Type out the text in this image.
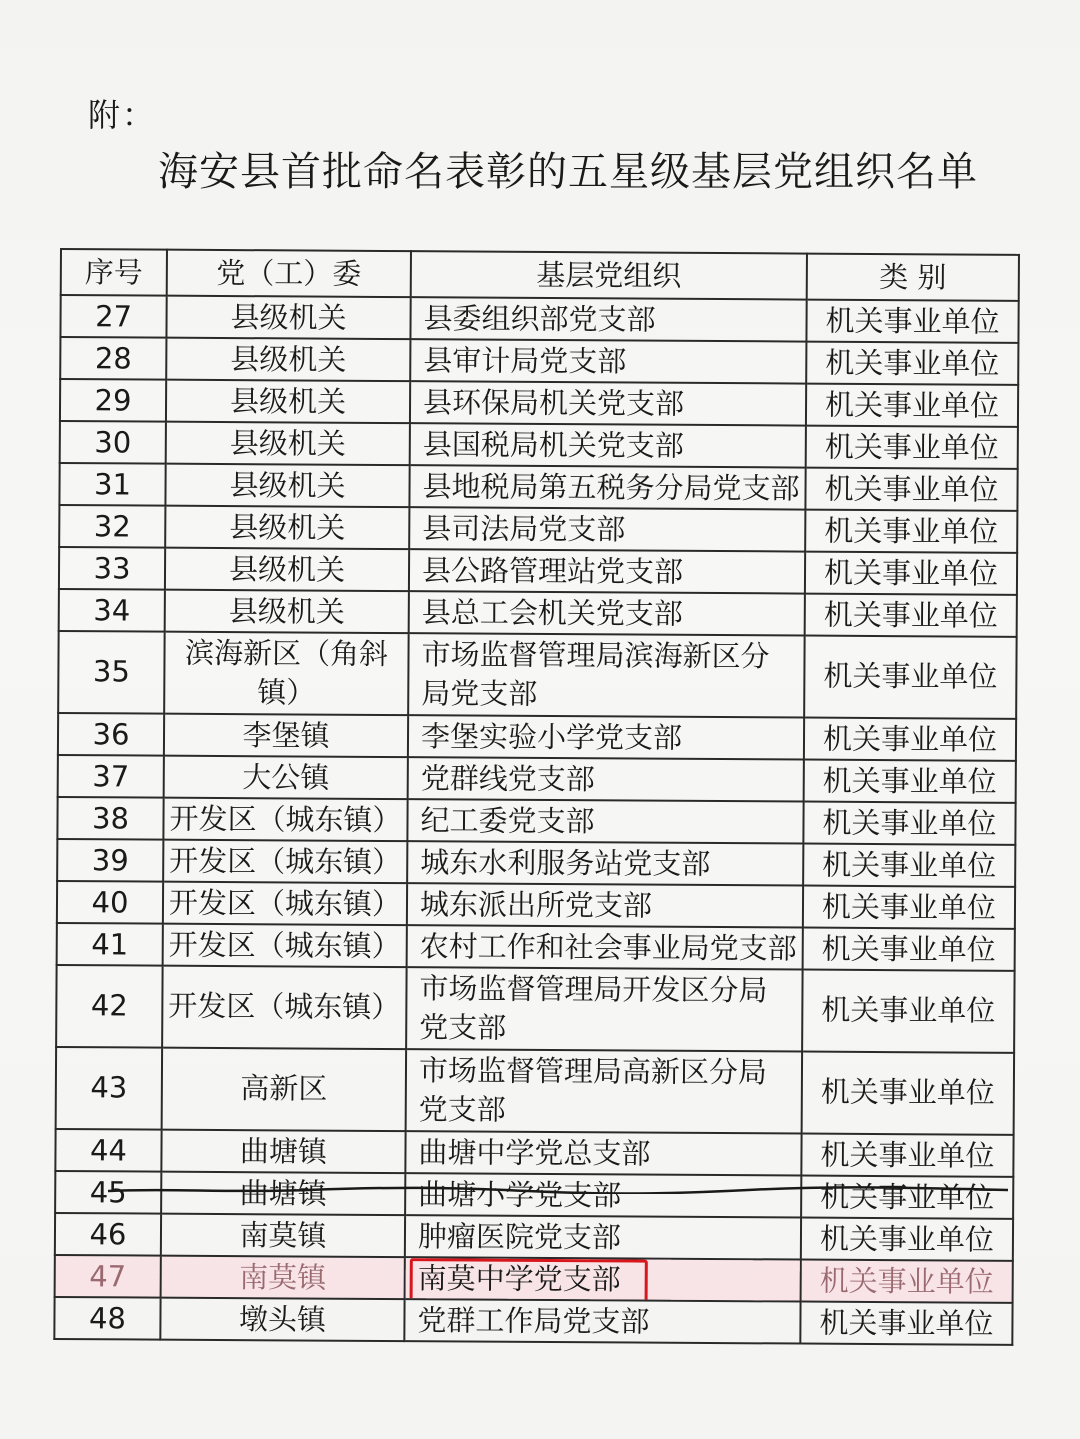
附：
海安县首批命名表彰的五星级基层党组织名单
序号	党（工）委	基层党组织	类 别
27	县级机关	县委组织部党支部	机关事业单位
28	县级机关	县审计局党支部	机关事业单位
29	县级机关	县环保局机关党支部	机关事业单位
30	县级机关	县国税局机关党支部	机关事业单位
31	县级机关	县地税局第五税务分局党支部	机关事业单位
32	县级机关	县司法局党支部	机关事业单位
33	县级机关	县公路管理站党支部	机关事业单位
34	县级机关	县总工会机关党支部	机关事业单位
35	滨海新区（角斜镇）	市场监督管理局滨海新区分局党支部	机关事业单位
36	李堡镇	李堡实验小学党支部	机关事业单位
37	大公镇	党群线党支部	机关事业单位
38	开发区（城东镇）	纪工委党支部	机关事业单位
39	开发区（城东镇）	城东水利服务站党支部	机关事业单位
40	开发区（城东镇）	城东派出所党支部	机关事业单位
41	开发区（城东镇）	农村工作和社会事业局党支部	机关事业单位
42	开发区（城东镇）	市场监督管理局开发区分局党支部	机关事业单位
43	高新区	市场监督管理局高新区分局党支部	机关事业单位
44	曲塘镇	曲塘中学党总支部	机关事业单位
45	曲塘镇	曲塘小学党支部	机关事业单位
46	南莫镇	肿瘤医院党支部	机关事业单位
47	南莫镇	南莫中学党支部	机关事业单位
48	墩头镇	党群工作局党支部	机关事业单位
